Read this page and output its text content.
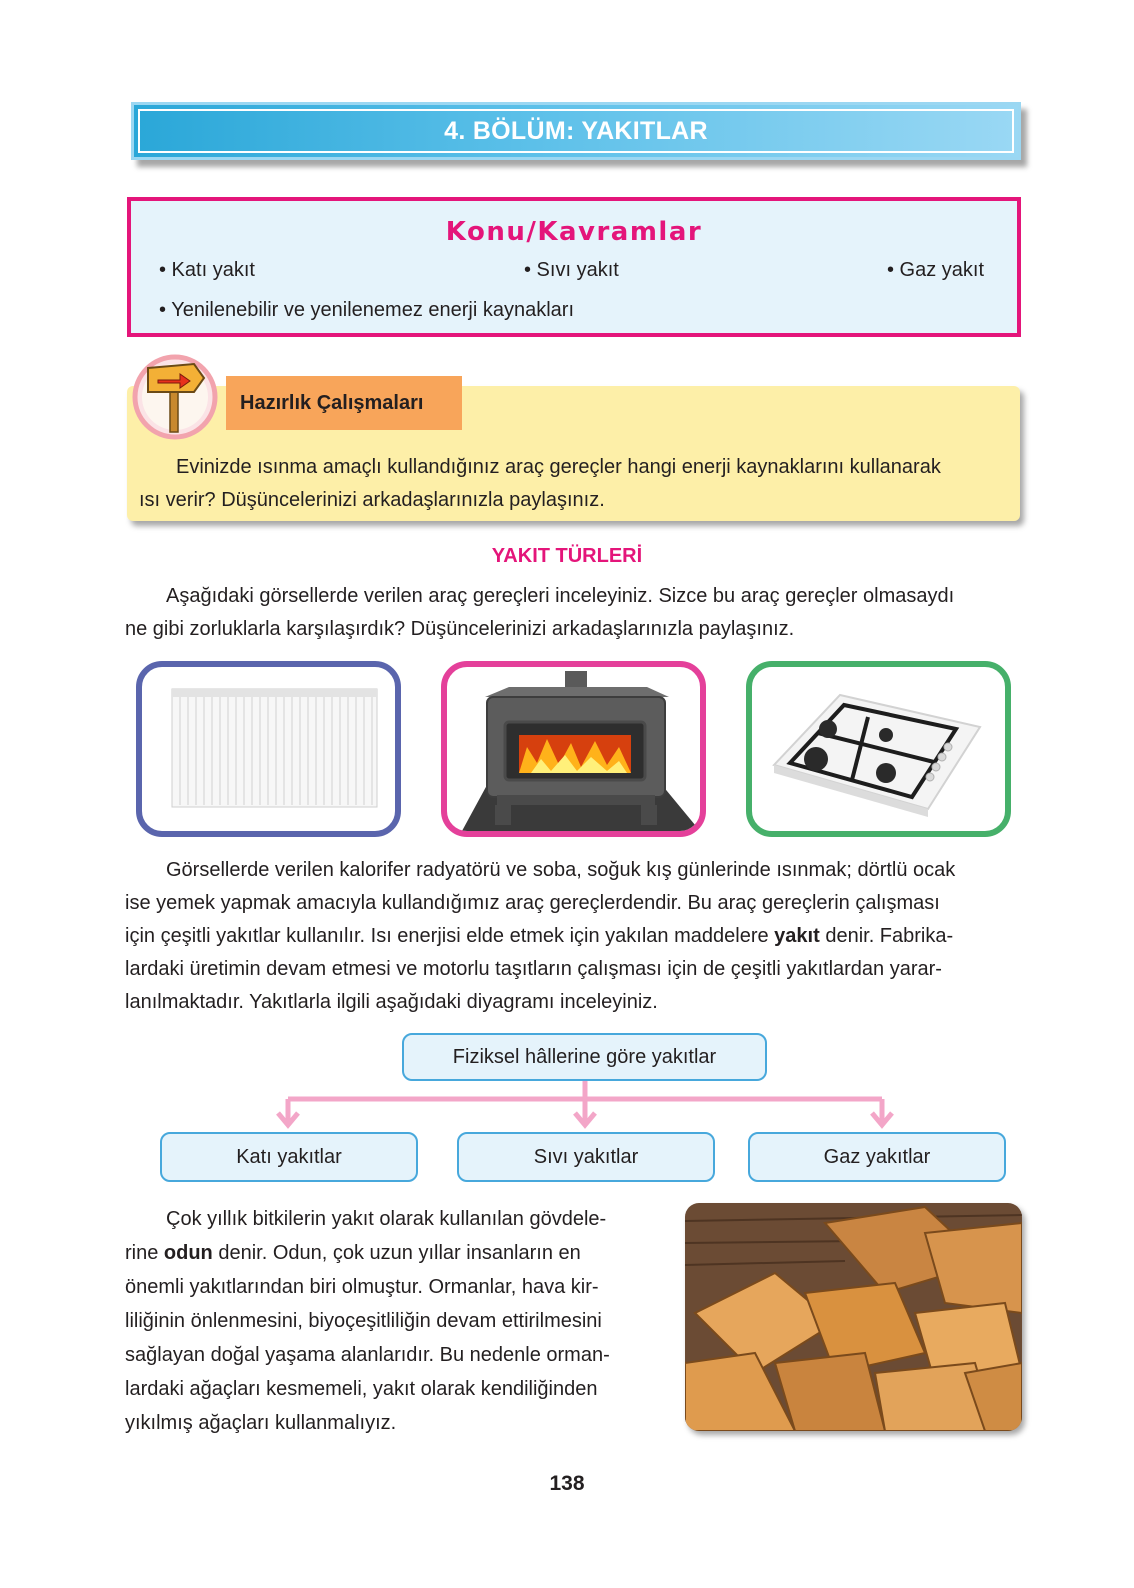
4. BÖLÜM: YAKITLAR
Konu/Kavramlar
• Katı yakıt	• Sıvı yakıt	• Gaz yakıt
• Yenilenebilir ve yenilenemez enerji kaynakları
Hazırlık Çalışmaları
Evinizde ısınma amaçlı kullandığınız araç gereçler hangi enerji kaynaklarını kullanarak
ısı verir? Düşüncelerinizi arkadaşlarınızla paylaşınız.
YAKIT TÜRLERİ
Aşağıdaki görsellerde verilen araç gereçleri inceleyiniz. Sizce bu araç gereçler olmasaydı
ne gibi zorluklarla karşılaşırdık? Düşüncelerinizi arkadaşlarınızla paylaşınız.
Görsellerde verilen kalorifer radyatörü ve soba, soğuk kış günlerinde ısınmak; dörtlü ocak
ise yemek yapmak amacıyla kullandığımız araç gereçlerdendir. Bu araç gereçlerin çalışması
için çeşitli yakıtlar kullanılır. Isı enerjisi elde etmek için yakılan maddelere yakıt denir. Fabrika-
lardaki üretimin devam etmesi ve motorlu taşıtların çalışması için de çeşitli yakıtlardan yarar-
lanılmaktadır. Yakıtlarla ilgili aşağıdaki diyagramı inceleyiniz.
Fiziksel hâllerine göre yakıtlar
Katı yakıtlar	Sıvı yakıtlar	Gaz yakıtlar
Çok yıllık bitkilerin yakıt olarak kullanılan gövdele-
rine odun denir. Odun, çok uzun yıllar insanların en
önemli yakıtlarından biri olmuştur. Ormanlar, hava kir-
liliğinin önlenmesini, biyoçeşitliliğin devam ettirilmesini
sağlayan doğal yaşama alanlarıdır. Bu nedenle orman-
lardaki ağaçları kesmemeli, yakıt olarak kendiliğinden
yıkılmış ağaçları kullanmalıyız.
138
